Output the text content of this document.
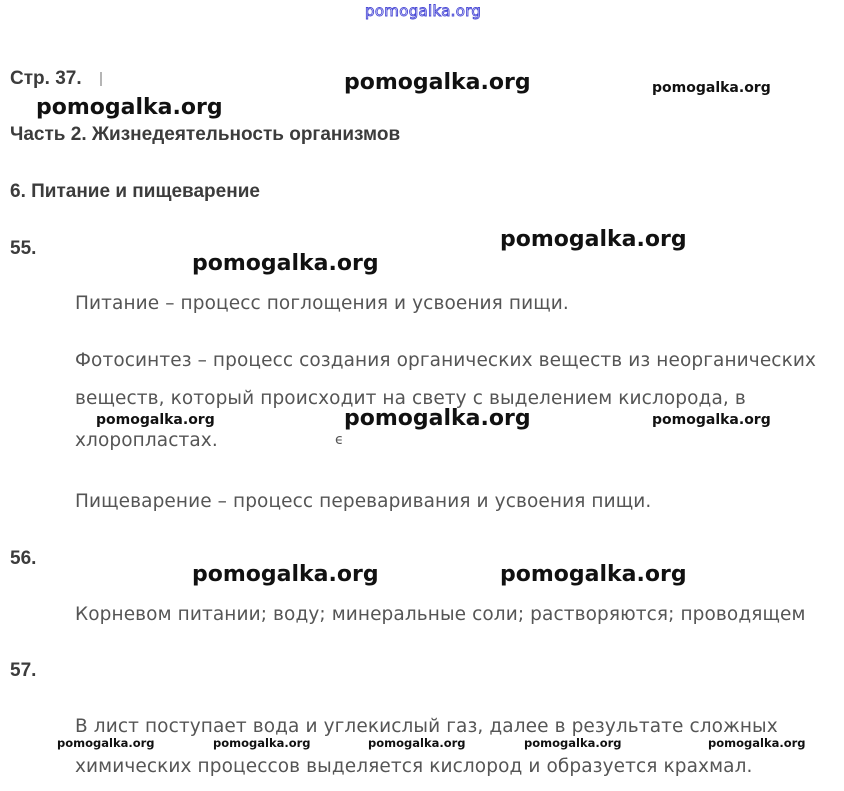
pomogalka.org
Стр. 37.
Часть 2. Жизнедеятельность организмов
6. Питание и пищеварение
55.
Питание – процесс поглощения и усвоения пищи.
Фотосинтез – процесс создания органических веществ из неорганических
веществ, который происходит на свету с выделением кислорода, в
хлоропластах.	ϵ
Пищеварение – процесс переваривания и усвоения пищи.
56.
Корневом питании; воду; минеральные соли; растворяются; проводящем
57.
В лист поступает вода и углекислый газ, далее в результате сложных
химических процессов выделяется кислород и образуется крахмал.
pomogalka.org	pomogalka.org
pomogalka.org
pomogalka.org
pomogalka.org
pomogalka.org	pomogalka.org	pomogalka.org
pomogalka.org	pomogalka.org
pomogalka.org	pomogalka.org	pomogalka.org	pomogalka.org	pomogalka.org
